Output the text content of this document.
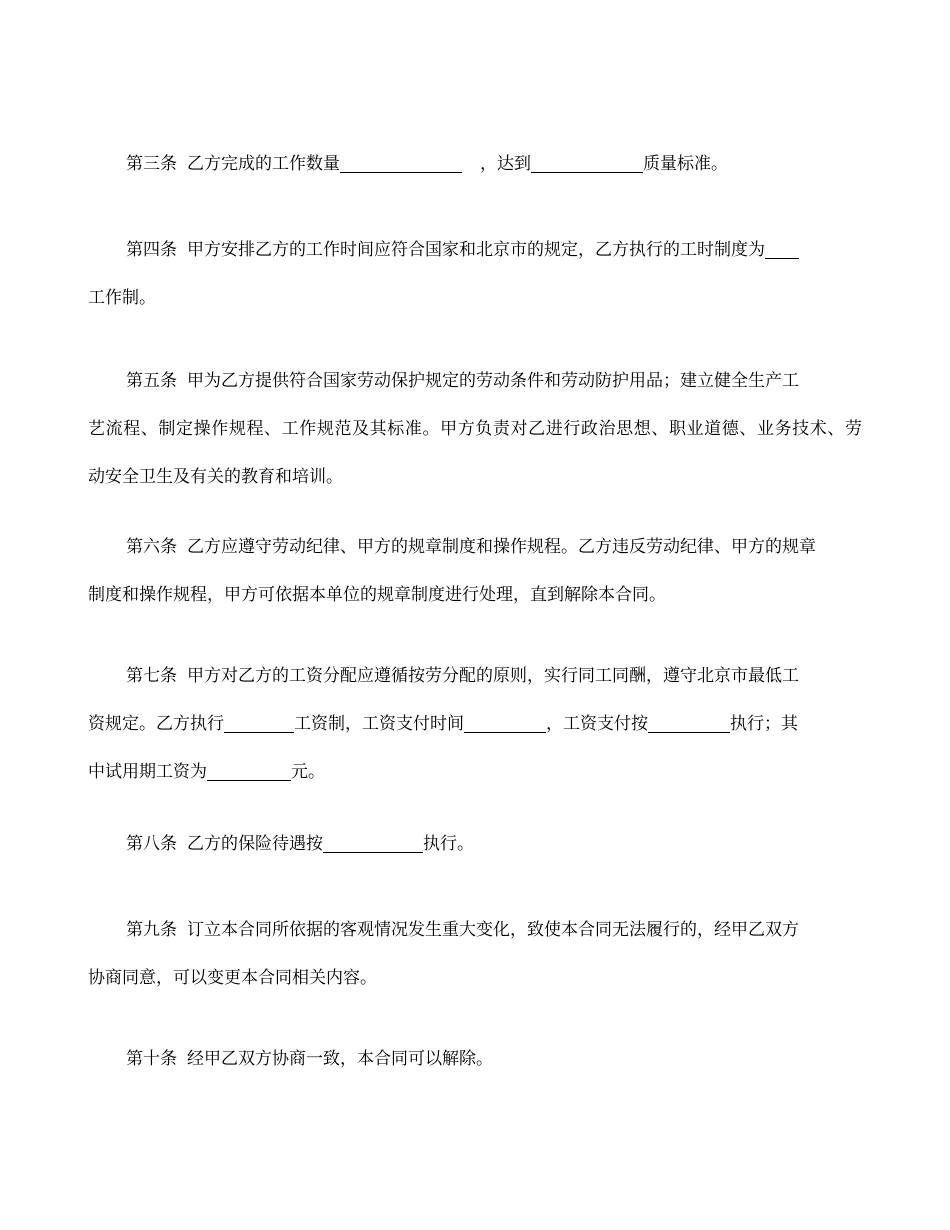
第三条 乙方完成的工作数量	，达到	质量标准。

第四条 甲方安排乙方的工作时间应符合国家和北京市的规定，乙方执行的工时制度为
工作制。

第五条 甲为乙方提供符合国家劳动保护规定的劳动条件和劳动防护用品；建立健全生产工
艺流程、制定操作规程、工作规范及其标准。甲方负责对乙进行政治思想、职业道德、业务技术、劳
动安全卫生及有关的教育和培训。

第六条 乙方应遵守劳动纪律、甲方的规章制度和操作规程。乙方违反劳动纪律、甲方的规章
制度和操作规程，甲方可依据本单位的规章制度进行处理，直到解除本合同。

第七条 甲方对乙方的工资分配应遵循按劳分配的原则，实行同工同酬，遵守北京市最低工
资规定。乙方执行	工资制，工资支付时间	，工资支付按	执行；其
中试用期工资为	元。

第八条 乙方的保险待遇按	执行。

第九条 订立本合同所依据的客观情况发生重大变化，致使本合同无法履行的，经甲乙双方
协商同意，可以变更本合同相关内容。

第十条 经甲乙双方协商一致，本合同可以解除。
